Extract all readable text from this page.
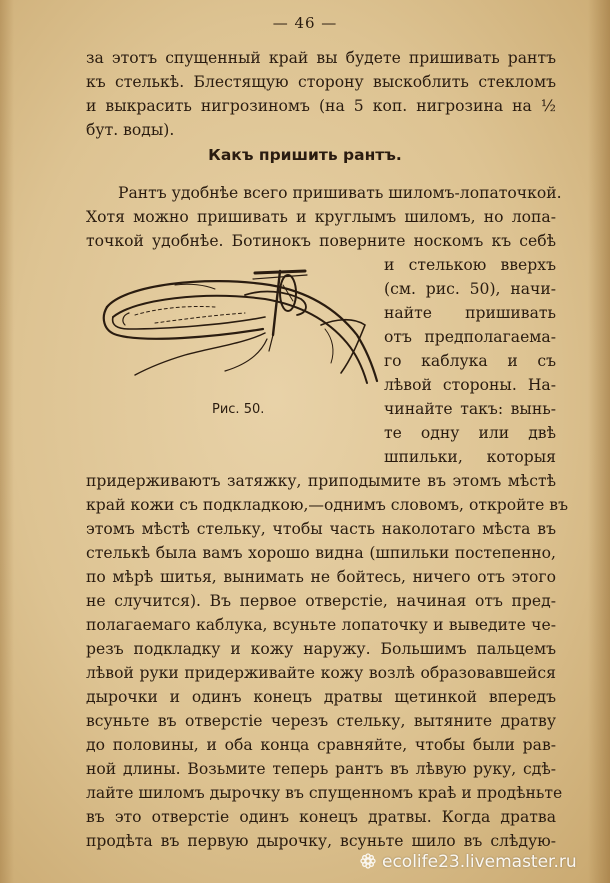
— 46 —
за этотъ спущенный край вы будете пришивать рантъ
къ стелькѣ. Блестящую сторону выскоблить стекломъ
и выкрасить нигрозиномъ (на 5 коп. нигрозина на ½
бут. воды).
Какъ пришить рантъ.
Рантъ удобнѣе всего пришивать шиломъ-лопаточкой.
Хотя можно пришивать и круглымъ шиломъ, но лопа-
точкой удобнѣе. Ботинокъ поверните носкомъ къ себѣ
Рис. 50.
и стелькою вверхъ
(см. рис. 50), начи-
найте пришивать
отъ предполагаема-
го каблука и съ
лѣвой стороны. На-
чинайте такъ: вынь-
те одну или двѣ
шпильки, которыя
придерживаютъ затяжку, приподымите въ этомъ мѣстѣ
край кожи съ подкладкою,—однимъ словомъ, откройте въ
этомъ мѣстѣ стельку, чтобы часть наколотаго мѣста въ
стелькѣ была вамъ хорошо видна (шпильки постепенно,
по мѣрѣ шитья, вынимать не бойтесь, ничего отъ этого
не случится). Въ первое отверстіе, начиная отъ пред-
полагаемаго каблука, всуньте лопаточку и выведите че-
резъ подкладку и кожу наружу. Большимъ пальцемъ
лѣвой руки придерживайте кожу возлѣ образовавшейся
дырочки и одинъ конецъ дратвы щетинкой впередъ
всуньте въ отверстіе черезъ стельку, вытяните дратву
до половины, и оба конца сравняйте, чтобы были рав-
ной длины. Возьмите теперь рантъ въ лѣвую руку, сдѣ-
лайте шиломъ дырочку въ спущенномъ краѣ и продѣньте
въ это отверстіе одинъ конецъ дратвы. Когда дратва
продѣта въ первую дырочку, всуньте шило въ слѣдую-
ecolife23.livemaster.ru
